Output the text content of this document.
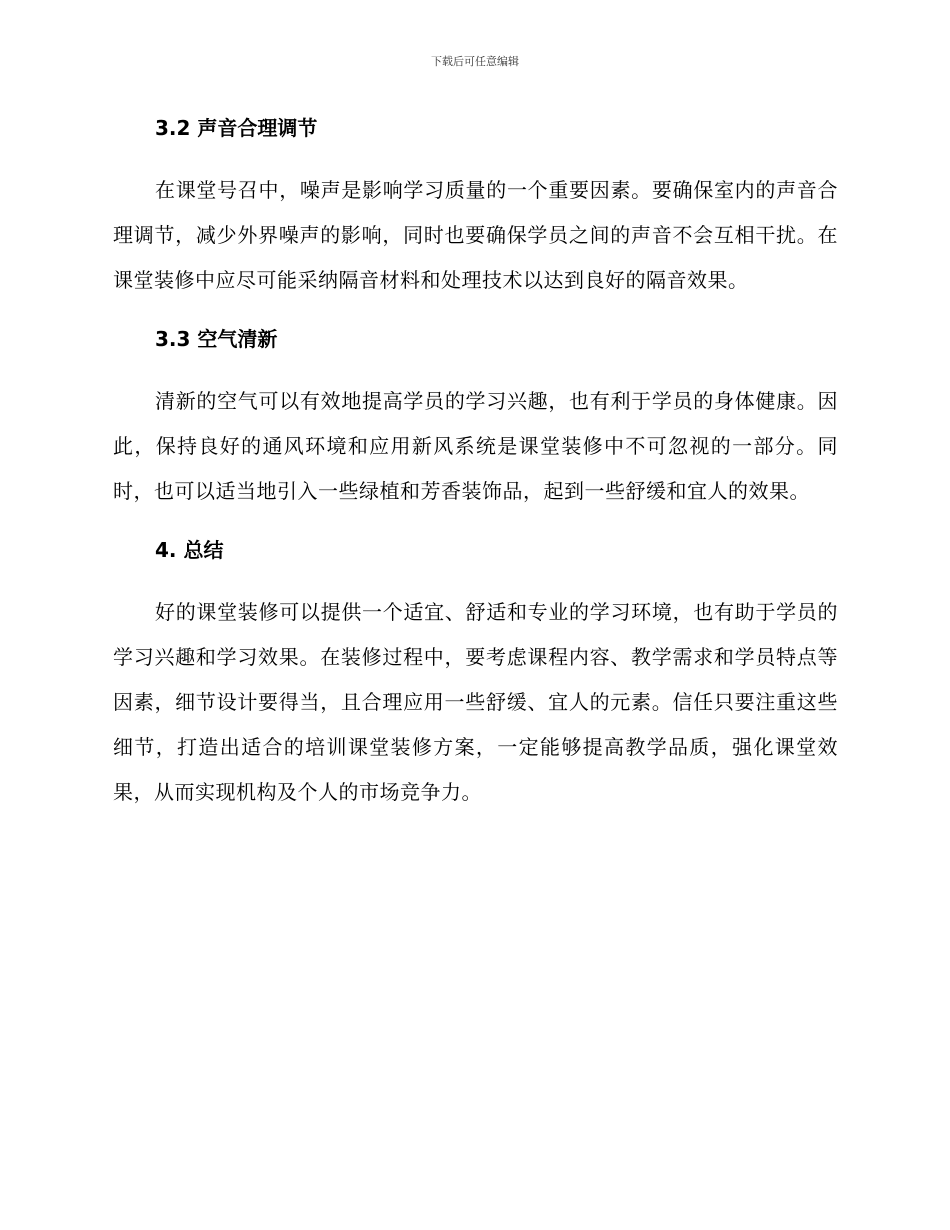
下载后可任意编辑
3.2 声音合理调节

在课堂号召中，噪声是影响学习质量的一个重要因素。要确保室内的声音合理调节，减少外界噪声的影响，同时也要确保学员之间的声音不会互相干扰。在课堂装修中应尽可能采纳隔音材料和处理技术以达到良好的隔音效果。

3.3 空气清新

清新的空气可以有效地提高学员的学习兴趣，也有利于学员的身体健康。因此，保持良好的通风环境和应用新风系统是课堂装修中不可忽视的一部分。同时，也可以适当地引入一些绿植和芳香装饰品，起到一些舒缓和宜人的效果。

4. 总结

好的课堂装修可以提供一个适宜、舒适和专业的学习环境，也有助于学员的学习兴趣和学习效果。在装修过程中，要考虑课程内容、教学需求和学员特点等因素，细节设计要得当，且合理应用一些舒缓、宜人的元素。信任只要注重这些细节，打造出适合的培训课堂装修方案，一定能够提高教学品质，强化课堂效果，从而实现机构及个人的市场竞争力。
